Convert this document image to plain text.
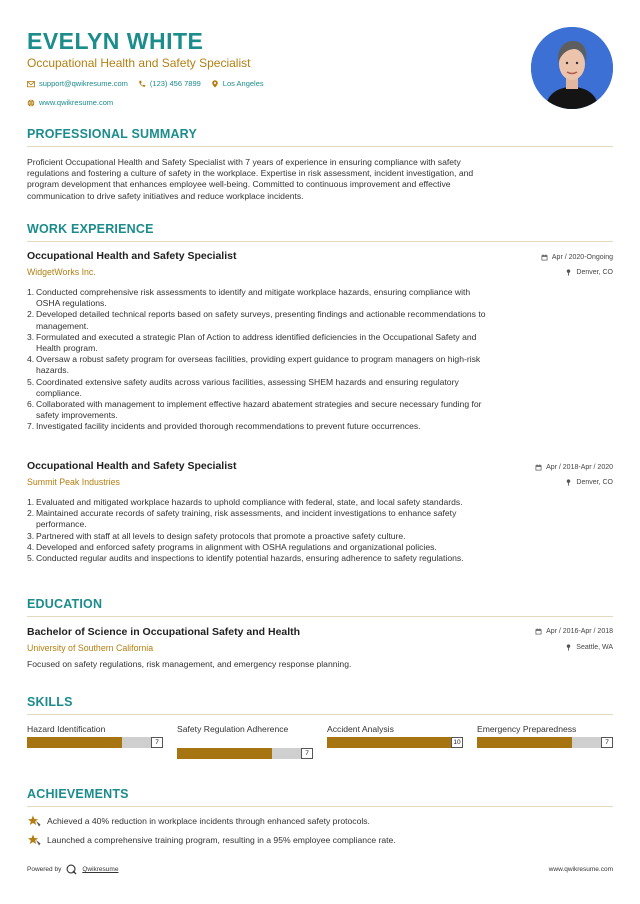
EVELYN WHITE
Occupational Health and Safety Specialist
support@qwikresume.com	(123) 456 7899	Los Angeles
www.qwikresume.com
PROFESSIONAL SUMMARY
Proficient Occupational Health and Safety Specialist with 7 years of experience in ensuring compliance with safety
regulations and fostering a culture of safety in the workplace. Expertise in risk assessment, incident investigation, and
program development that enhances employee well-being. Committed to continuous improvement and effective
communication to drive safety initiatives and reduce workplace incidents.
WORK EXPERIENCE
Occupational Health and Safety Specialist
WidgetWorks Inc.
Apr / 2020-Ongoing
Denver, CO
1. Conducted comprehensive risk assessments to identify and mitigate workplace hazards, ensuring compliance with
OSHA regulations.
2. Developed detailed technical reports based on safety surveys, presenting findings and actionable recommendations to
management.
3. Formulated and executed a strategic Plan of Action to address identified deficiencies in the Occupational Safety and
Health program.
4. Oversaw a robust safety program for overseas facilities, providing expert guidance to program managers on high-risk
hazards.
5. Coordinated extensive safety audits across various facilities, assessing SHEM hazards and ensuring regulatory
compliance.
6. Collaborated with management to implement effective hazard abatement strategies and secure necessary funding for
safety improvements.
7. Investigated facility incidents and provided thorough recommendations to prevent future occurrences.
Occupational Health and Safety Specialist
Summit Peak Industries
Apr / 2018-Apr / 2020
Denver, CO
1. Evaluated and mitigated workplace hazards to uphold compliance with federal, state, and local safety standards.
2. Maintained accurate records of safety training, risk assessments, and incident investigations to enhance safety
performance.
3. Partnered with staff at all levels to design safety protocols that promote a proactive safety culture.
4. Developed and enforced safety programs in alignment with OSHA regulations and organizational policies.
5. Conducted regular audits and inspections to identify potential hazards, ensuring adherence to safety regulations.
EDUCATION
Bachelor of Science in Occupational Safety and Health
University of Southern California
Apr / 2016-Apr / 2018
Seattle, WA
Focused on safety regulations, risk management, and emergency response planning.
SKILLS
Hazard Identification
7
Safety Regulation Adherence
7
Accident Analysis
10
Emergency Preparedness
7
ACHIEVEMENTS
Achieved a 40% reduction in workplace incidents through enhanced safety protocols.
Launched a comprehensive training program, resulting in a 95% employee compliance rate.
Powered by	Qwikresume	www.qwikresume.com
